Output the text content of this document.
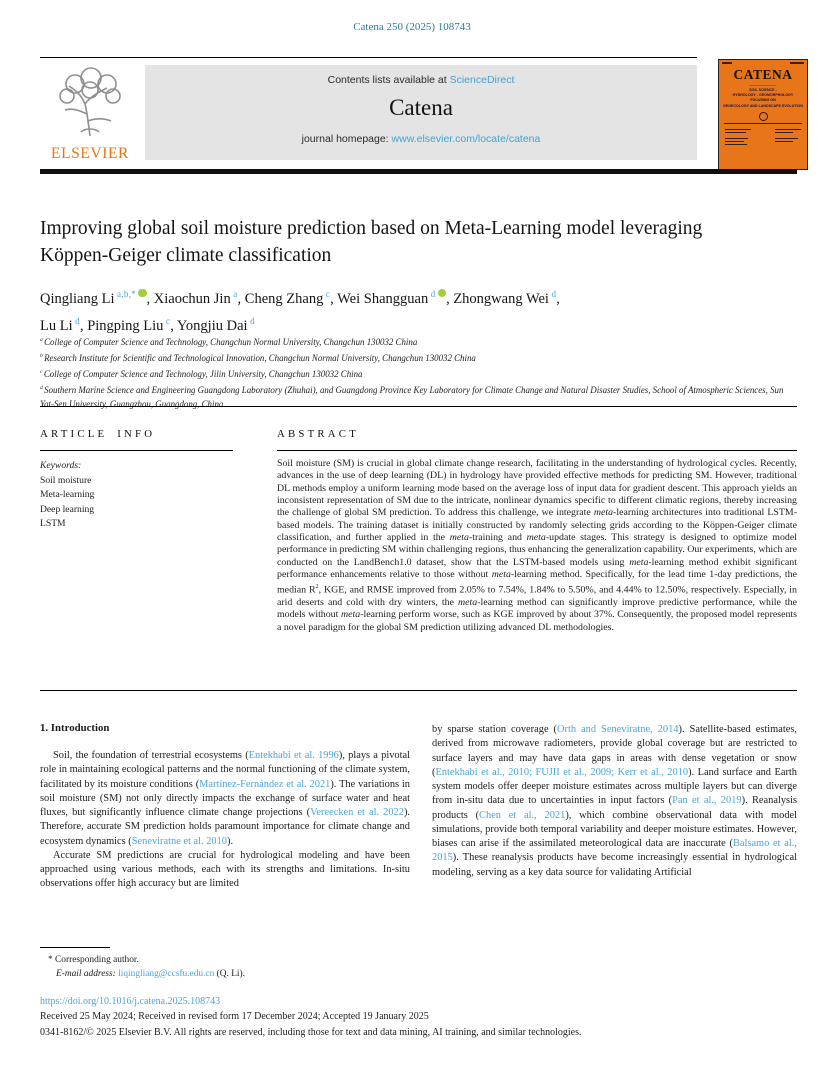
Catena 250 (2025) 108743
ELSEVIER
Contents lists available at ScienceDirect
Catena
journal homepage: www.elsevier.com/locate/catena
CATENA
—————————
SOIL SCIENCE -
HYDROLOGY - GEOMORPHOLOGY
FOCUSING ON
GEOECOLOGY AND LANDSCAPE EVOLUTION
Improving global soil moisture prediction based on Meta-Learning model leveraging Köppen-Geiger climate classification
Qingliang Li $^{a,b,*}$ , Xiaochun Jin $^a$, Cheng Zhang $^c$, Wei Shangguan $^d$ , Zhongwang Wei $^d$,
Lu Li $^d$, Pingping Liu $^c$, Yongjiu Dai $^d$
$^a$ College of Computer Science and Technology, Changchun Normal University, Changchun 130032 China
$^b$ Research Institute for Scientific and Technological Innovation, Changchun Normal University, Changchun 130032 China
$^c$ College of Computer Science and Technology, Jilin University, Changchun 130032 China
$^d$ Southern Marine Science and Engineering Guangdong Laboratory (Zhuhai), and Guangdong Province Key Laboratory for Climate Change and Natural Disaster Studies, School of Atmospheric Sciences, Sun Yat-Sen University, Guangzhou, Guangdong, China
ARTICLE INFO	ABSTRACT
Keywords:
Soil moisture
Meta-learning
Deep learning
LSTM
Soil moisture (SM) is crucial in global climate change research, facilitating in the understanding of hydrological cycles. Recently, advances in the use of deep learning (DL) in hydrology have provided effective methods for predicting SM. However, traditional DL methods employ a uniform learning mode based on the average loss of input data for gradient descent. This approach yields an inconsistent representation of SM due to the intricate, nonlinear dynamics specific to different climatic regions, thereby increasing the challenge of global SM prediction. To address this challenge, we integrate meta-learning architectures into traditional LSTM-based models. The training dataset is initially constructed by randomly selecting grids according to the Köppen-Geiger climate classification, and further applied in the meta-training and meta-update stages. This strategy is designed to optimize model performance in predicting SM within challenging regions, thus enhancing the generalization capability. Our experiments, which are conducted on the LandBench1.0 dataset, show that the LSTM-based models using meta-learning method exhibit significant performance enhancements relative to those without meta-learning method. Specifically, for the lead time 1-day predictions, the median $R^2$, KGE, and RMSE improved from 2.05% to 7.54%, 1.84% to 5.50%, and 4.44% to 12.50%, respectively. Especially, in arid deserts and cold with dry winters, the meta-learning method can significantly improve predictive performance, while the models without meta-learning perform worse, such as KGE improved by about 37%. Consequently, the proposed model represents a novel paradigm for the global SM prediction utilizing advanced DL methodologies.
1. Introduction

Soil, the foundation of terrestrial ecosystems (Entekhabi et al. 1996), plays a pivotal role in maintaining ecological patterns and the normal functioning of the climate system, facilitated by its moisture conditions (Martínez-Fernández et al. 2021). The variations in soil moisture (SM) not only directly impacts the exchange of surface water and heat fluxes, but significantly influence climate change projections (Vereecken et al. 2022). Therefore, accurate SM prediction holds paramount importance for climate change and ecosystem dynamics (Seneviratne et al. 2010).

Accurate SM predictions are crucial for hydrological modeling and have been approached using various methods, each with its strengths and limitations. In-situ observations offer high accuracy but are limited

by sparse station coverage (Orth and Seneviratne, 2014). Satellite-based estimates, derived from microwave radiometers, provide global coverage but are restricted to surface layers and may have data gaps in areas with dense vegetation or snow (Entekhabi et al., 2010; FUJII et al., 2009; Kerr et al., 2010). Land surface and Earth system models offer deeper moisture estimates across multiple layers but can diverge from in-situ data due to uncertainties in input factors (Pan et al., 2019). Reanalysis products (Chen et al., 2021), which combine observational data with model simulations, provide both temporal variability and deeper moisture estimates. However, biases can arise if the assimilated meteorological data are inaccurate (Balsamo et al., 2015). These reanalysis products have become increasingly essential in hydrological modeling, serving as a key data source for validating Artificial

* Corresponding author.
E-mail address: liqingliang@ccsfu.edu.cn (Q. Li).
https://doi.org/10.1016/j.catena.2025.108743
Received 25 May 2024; Received in revised form 17 December 2024; Accepted 19 January 2025
0341-8162/© 2025 Elsevier B.V. All rights are reserved, including those for text and data mining, AI training, and similar technologies.
